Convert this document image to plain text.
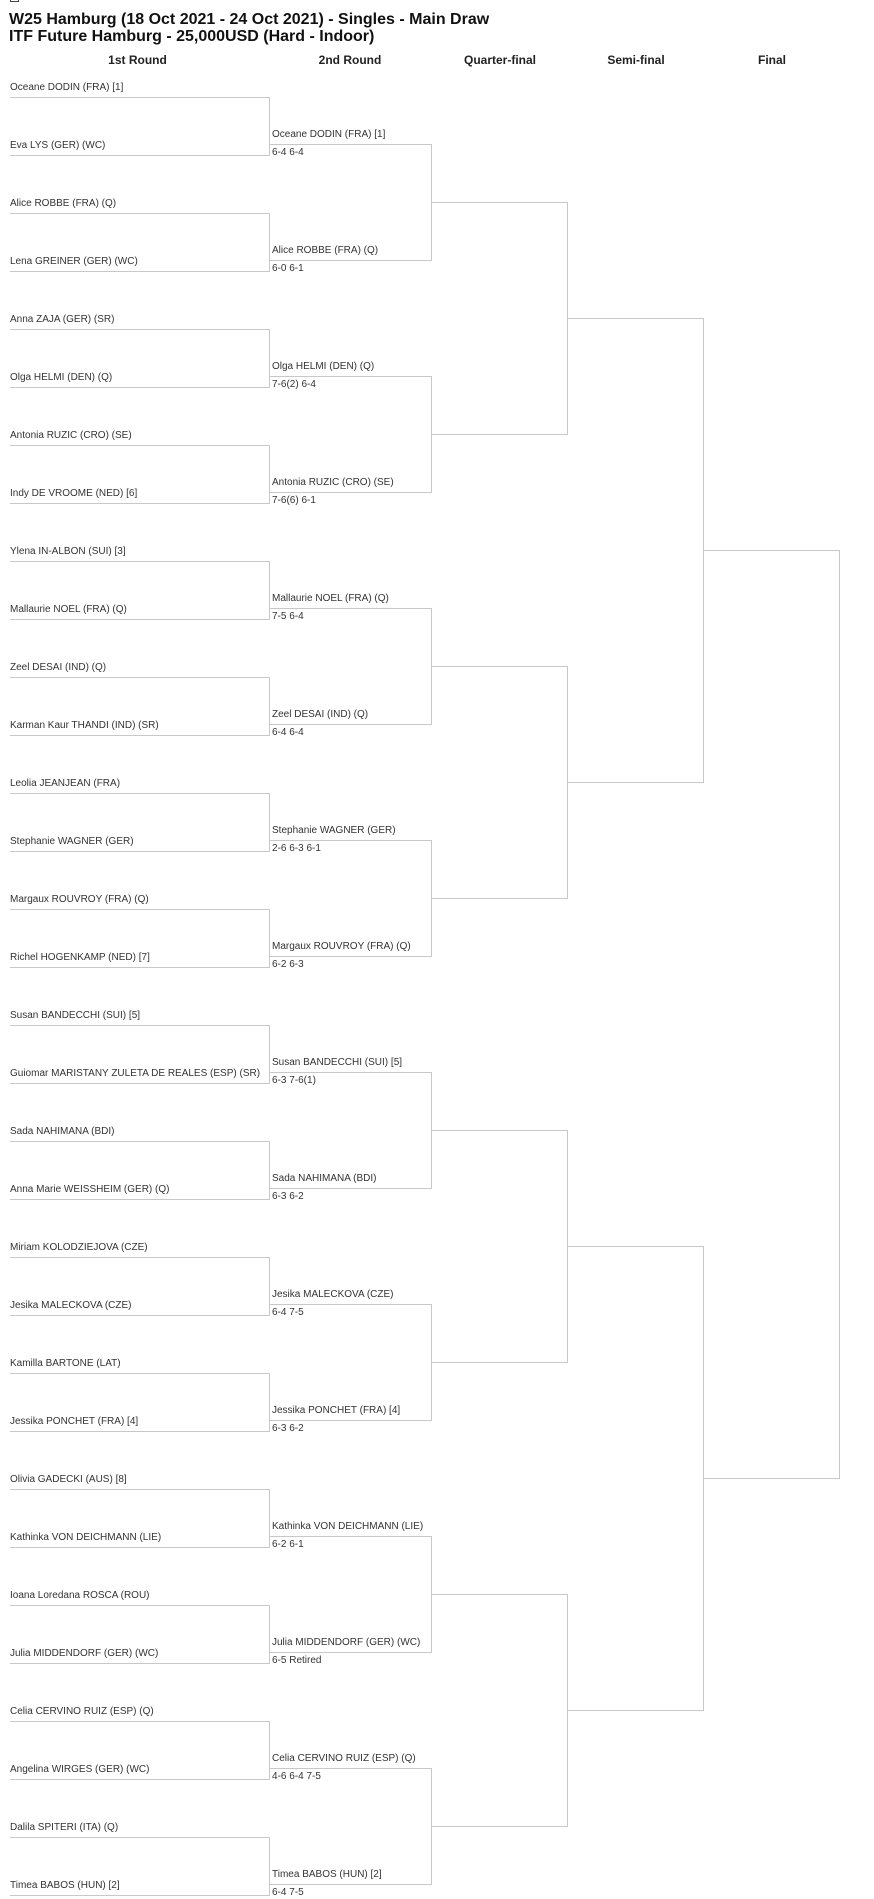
W25 Hamburg (18 Oct 2021 - 24 Oct 2021) - Singles - Main Draw
ITF Future Hamburg - 25,000USD (Hard - Indoor)
1st Round	2nd Round	Quarter-final	Semi-final	Final
Oceane DODIN (FRA) [1]
Eva LYS (GER) (WC)
Alice ROBBE (FRA) (Q)
Lena GREINER (GER) (WC)
Anna ZAJA (GER) (SR)
Olga HELMI (DEN) (Q)
Antonia RUZIC (CRO) (SE)
Indy DE VROOME (NED) [6]
Ylena IN-ALBON (SUI) [3]
Mallaurie NOEL (FRA) (Q)
Zeel DESAI (IND) (Q)
Karman Kaur THANDI (IND) (SR)
Leolia JEANJEAN (FRA)
Stephanie WAGNER (GER)
Margaux ROUVROY (FRA) (Q)
Richel HOGENKAMP (NED) [7]
Susan BANDECCHI (SUI) [5]
Guiomar MARISTANY ZULETA DE REALES (ESP) (SR)
Sada NAHIMANA (BDI)
Anna Marie WEISSHEIM (GER) (Q)
Miriam KOLODZIEJOVA (CZE)
Jesika MALECKOVA (CZE)
Kamilla BARTONE (LAT)
Jessika PONCHET (FRA) [4]
Olivia GADECKI (AUS) [8]
Kathinka VON DEICHMANN (LIE)
Ioana Loredana ROSCA (ROU)
Julia MIDDENDORF (GER) (WC)
Celia CERVINO RUIZ (ESP) (Q)
Angelina WIRGES (GER) (WC)
Dalila SPITERI (ITA) (Q)
Timea BABOS (HUN) [2]
Oceane DODIN (FRA) [1]
6-4 6-4
Alice ROBBE (FRA) (Q)
6-0 6-1
Olga HELMI (DEN) (Q)
7-6(2) 6-4
Antonia RUZIC (CRO) (SE)
7-6(6) 6-1
Mallaurie NOEL (FRA) (Q)
7-5 6-4
Zeel DESAI (IND) (Q)
6-4 6-4
Stephanie WAGNER (GER)
2-6 6-3 6-1
Margaux ROUVROY (FRA) (Q)
6-2 6-3
Susan BANDECCHI (SUI) [5]
6-3 7-6(1)
Sada NAHIMANA (BDI)
6-3 6-2
Jesika MALECKOVA (CZE)
6-4 7-5
Jessika PONCHET (FRA) [4]
6-3 6-2
Kathinka VON DEICHMANN (LIE)
6-2 6-1
Julia MIDDENDORF (GER) (WC)
6-5 Retired
Celia CERVINO RUIZ (ESP) (Q)
4-6 6-4 7-5
Timea BABOS (HUN) [2]
6-4 7-5
